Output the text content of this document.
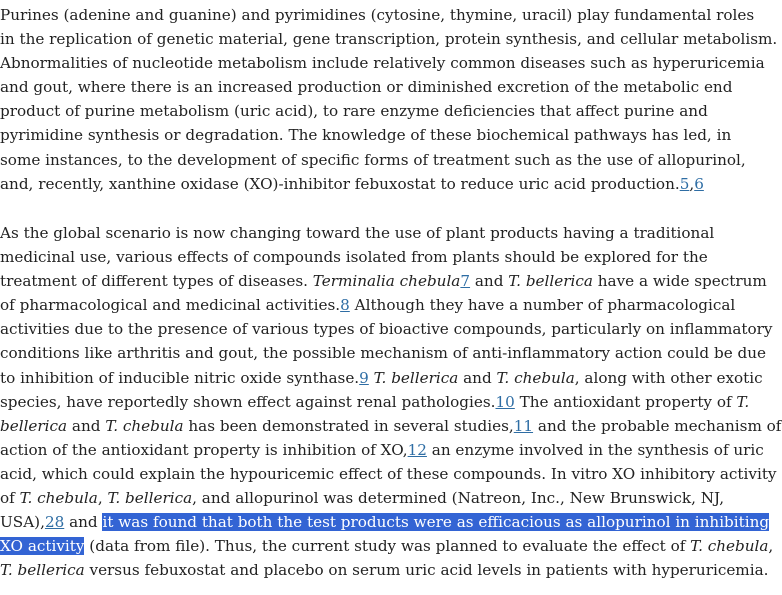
Purines (adenine and guanine) and pyrimidines (cytosine, thymine, uracil) play fundamental roles
in the replication of genetic material, gene transcription, protein synthesis, and cellular metabolism.
Abnormalities of nucleotide metabolism include relatively common diseases such as hyperuricemia
and gout, where there is an increased production or diminished excretion of the metabolic end
product of purine metabolism (uric acid), to rare enzyme deficiencies that affect purine and
pyrimidine synthesis or degradation. The knowledge of these biochemical pathways has led, in
some instances, to the development of specific forms of treatment such as the use of allopurinol,
and, recently, xanthine oxidase (XO)-inhibitor febuxostat to reduce uric acid production.5,6

As the global scenario is now changing toward the use of plant products having a traditional
medicinal use, various effects of compounds isolated from plants should be explored for the
treatment of different types of diseases. Terminalia chebula7 and T. bellerica have a wide spectrum
of pharmacological and medicinal activities.8 Although they have a number of pharmacological
activities due to the presence of various types of bioactive compounds, particularly on inflammatory
conditions like arthritis and gout, the possible mechanism of anti-inflammatory action could be due
to inhibition of inducible nitric oxide synthase.9 T. bellerica and T. chebula, along with other exotic
species, have reportedly shown effect against renal pathologies.10 The antioxidant property of T.
bellerica and T. chebula has been demonstrated in several studies,11 and the probable mechanism of
action of the antioxidant property is inhibition of XO,12 an enzyme involved in the synthesis of uric
acid, which could explain the hypouricemic effect of these compounds. In vitro XO inhibitory activity
of T. chebula, T. bellerica, and allopurinol was determined (Natreon, Inc., New Brunswick, NJ,
USA),28 and it was found that both the test products were as efficacious as allopurinol in inhibiting
XO activity (data from file). Thus, the current study was planned to evaluate the effect of T. chebula,
T. bellerica versus febuxostat and placebo on serum uric acid levels in patients with hyperuricemia.
